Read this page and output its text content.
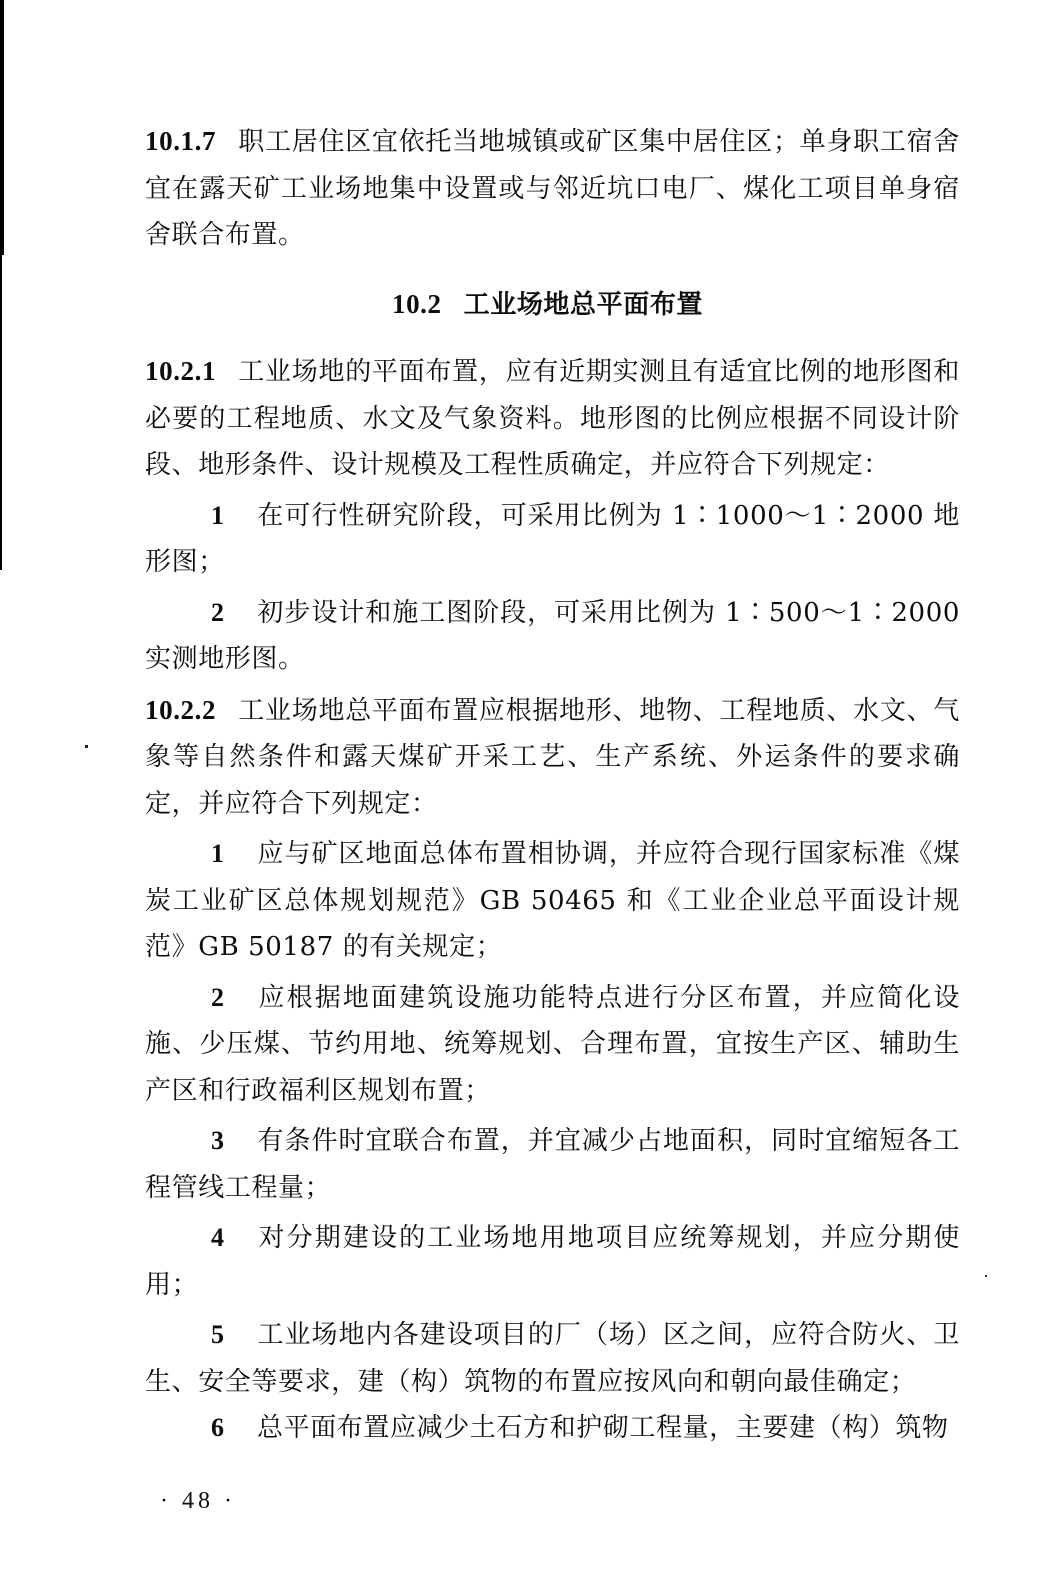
10.1.7 职工居住区宜依托当地城镇或矿区集中居住区；单身职工宿舍宜在露天矿工业场地集中设置或与邻近坑口电厂、煤化工项目单身宿舍联合布置。

10.2 工业场地总平面布置

10.2.1 工业场地的平面布置，应有近期实测且有适宜比例的地形图和必要的工程地质、水文及气象资料。地形图的比例应根据不同设计阶段、地形条件、设计规模及工程性质确定，并应符合下列规定：

1 在可行性研究阶段，可采用比例为 1∶1000～1∶2000 地形图；

2 初步设计和施工图阶段，可采用比例为 1∶500～1∶2000 实测地形图。

10.2.2 工业场地总平面布置应根据地形、地物、工程地质、水文、气象等自然条件和露天煤矿开采工艺、生产系统、外运条件的要求确定，并应符合下列规定：

1 应与矿区地面总体布置相协调，并应符合现行国家标准《煤炭工业矿区总体规划规范》GB 50465 和《工业企业总平面设计规范》GB 50187 的有关规定；

2 应根据地面建筑设施功能特点进行分区布置，并应简化设施、少压煤、节约用地、统筹规划、合理布置，宜按生产区、辅助生产区和行政福利区规划布置；

3 有条件时宜联合布置，并宜减少占地面积，同时宜缩短各工程管线工程量；

4 对分期建设的工业场地用地项目应统筹规划，并应分期使用；

5 工业场地内各建设项目的厂（场）区之间，应符合防火、卫生、安全等要求，建（构）筑物的布置应按风向和朝向最佳确定；

6 总平面布置应减少土石方和护砌工程量，主要建（构）筑物

· 48 ·
